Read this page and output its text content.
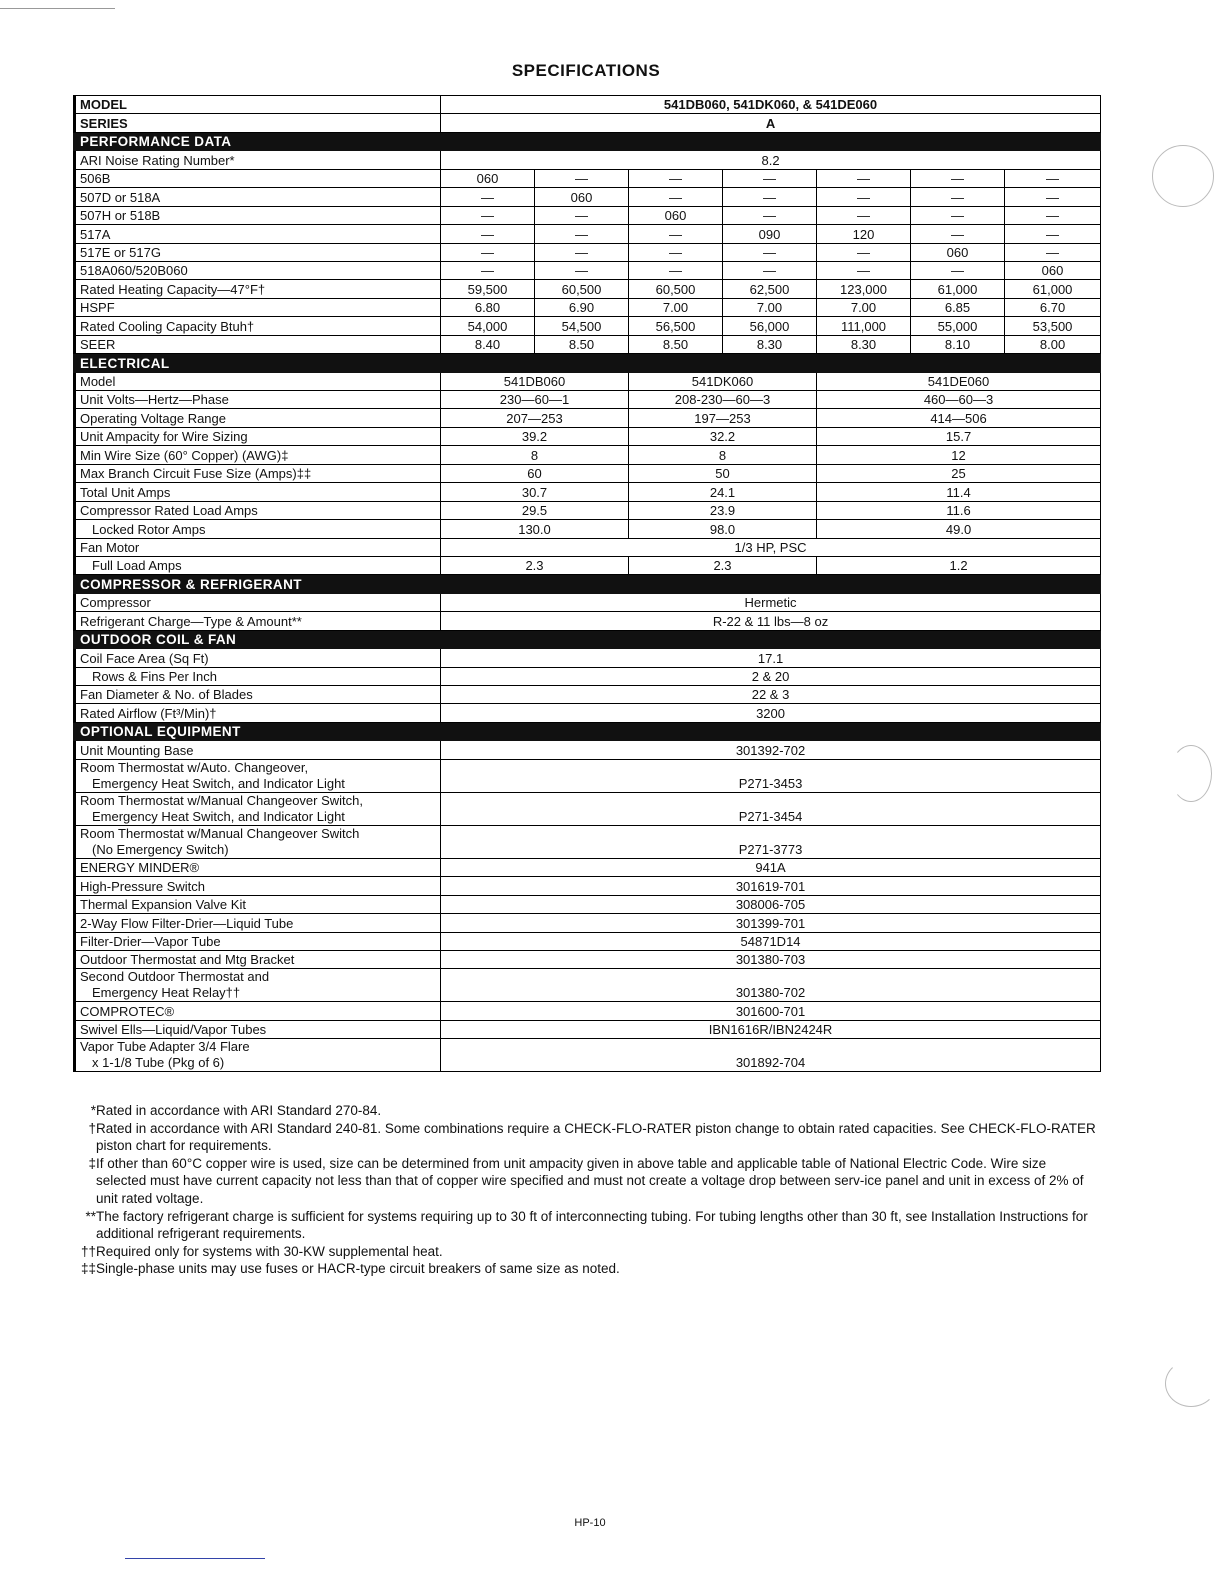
SPECIFICATIONS
MODEL	541DB060, 541DK060, & 541DE060						
SERIES	A						
PERFORMANCE DATA							
ARI Noise Rating Number*	8.2						
506B	060	—	—	—	—	—	—
507D or 518A	—	060	—	—	—	—	—
507H or 518B	—	—	060	—	—	—	—
517A	—	—	—	090	120	—	—
517E or 517G	—	—	—	—	—	060	—
518A060/520B060	—	—	—	—	—	—	060
Rated Heating Capacity—47°F†	59,500	60,500	60,500	62,500	123,000	61,000	61,000
HSPF	6.80	6.90	7.00	7.00	7.00	6.85	6.70
Rated Cooling Capacity Btuh†	54,000	54,500	56,500	56,000	111,000	55,000	53,500
SEER	8.40	8.50	8.50	8.30	8.30	8.10	8.00
ELECTRICAL							
Model	541DB060		541DK060		541DE060		
Unit Volts—Hertz—Phase	230—60—1		208-230—60—3		460—60—3		
Operating Voltage Range	207—253		197—253		414—506		
Unit Ampacity for Wire Sizing	39.2		32.2		15.7		
Min Wire Size (60° Copper) (AWG)‡	8		8		12		
Max Branch Circuit Fuse Size (Amps)‡‡	60		50		25		
Total Unit Amps	30.7		24.1		11.4		
Compressor Rated Load Amps	29.5		23.9		11.6		
Locked Rotor Amps	130.0		98.0		49.0		
Fan Motor	1/3 HP, PSC						
Full Load Amps	2.3		2.3		1.2		
COMPRESSOR & REFRIGERANT							
Compressor	Hermetic						
Refrigerant Charge—Type & Amount**	R-22 & 11 lbs—8 oz						
OUTDOOR COIL & FAN							
Coil Face Area (Sq Ft)	17.1						
Rows & Fins Per Inch	2 & 20						
Fan Diameter & No. of Blades	22 & 3						
Rated Airflow (Ft³/Min)†	3200						
OPTIONAL EQUIPMENT							
Unit Mounting Base	301392-702						

Room Thermostat w/Auto. Changeover,
Emergency Heat Switch, and Indicator Light	P271-3453						

Room Thermostat w/Manual Changeover Switch,
Emergency Heat Switch, and Indicator Light	P271-3454						

Room Thermostat w/Manual Changeover Switch
(No Emergency Switch)	P271-3773						
ENERGY MINDER®	941A						
High-Pressure Switch	301619-701						
Thermal Expansion Valve Kit	308006-705						
2-Way Flow Filter-Drier—Liquid Tube	301399-701						
Filter-Drier—Vapor Tube	54871D14						
Outdoor Thermostat and Mtg Bracket	301380-703						

Second Outdoor Thermostat and
Emergency Heat Relay††	301380-702						
COMPROTEC®	301600-701						
Swivel Ells—Liquid/Vapor Tubes	IBN1616R/IBN2424R						

Vapor Tube Adapter 3/4 Flare
x 1-1/8 Tube (Pkg of 6)	301892-704						
*Rated in accordance with ARI Standard 270-84.
†Rated in accordance with ARI Standard 240-81. Some combinations require a CHECK-FLO-RATER piston change to obtain rated capacities. See CHECK-FLO-RATER piston chart for requirements.
‡If other than 60°C copper wire is used, size can be determined from unit ampacity given in above table and applicable table of National Electric Code. Wire size selected must have current capacity not less than that of copper wire specified and must not create a voltage drop between serv-ice panel and unit in excess of 2% of unit rated voltage.
**The factory refrigerant charge is sufficient for systems requiring up to 30 ft of interconnecting tubing. For tubing lengths other than 30 ft, see Installation Instructions for additional refrigerant requirements.
††Required only for systems with 30-KW supplemental heat.
‡‡Single-phase units may use fuses or HACR-type circuit breakers of same size as noted.
HP-10
